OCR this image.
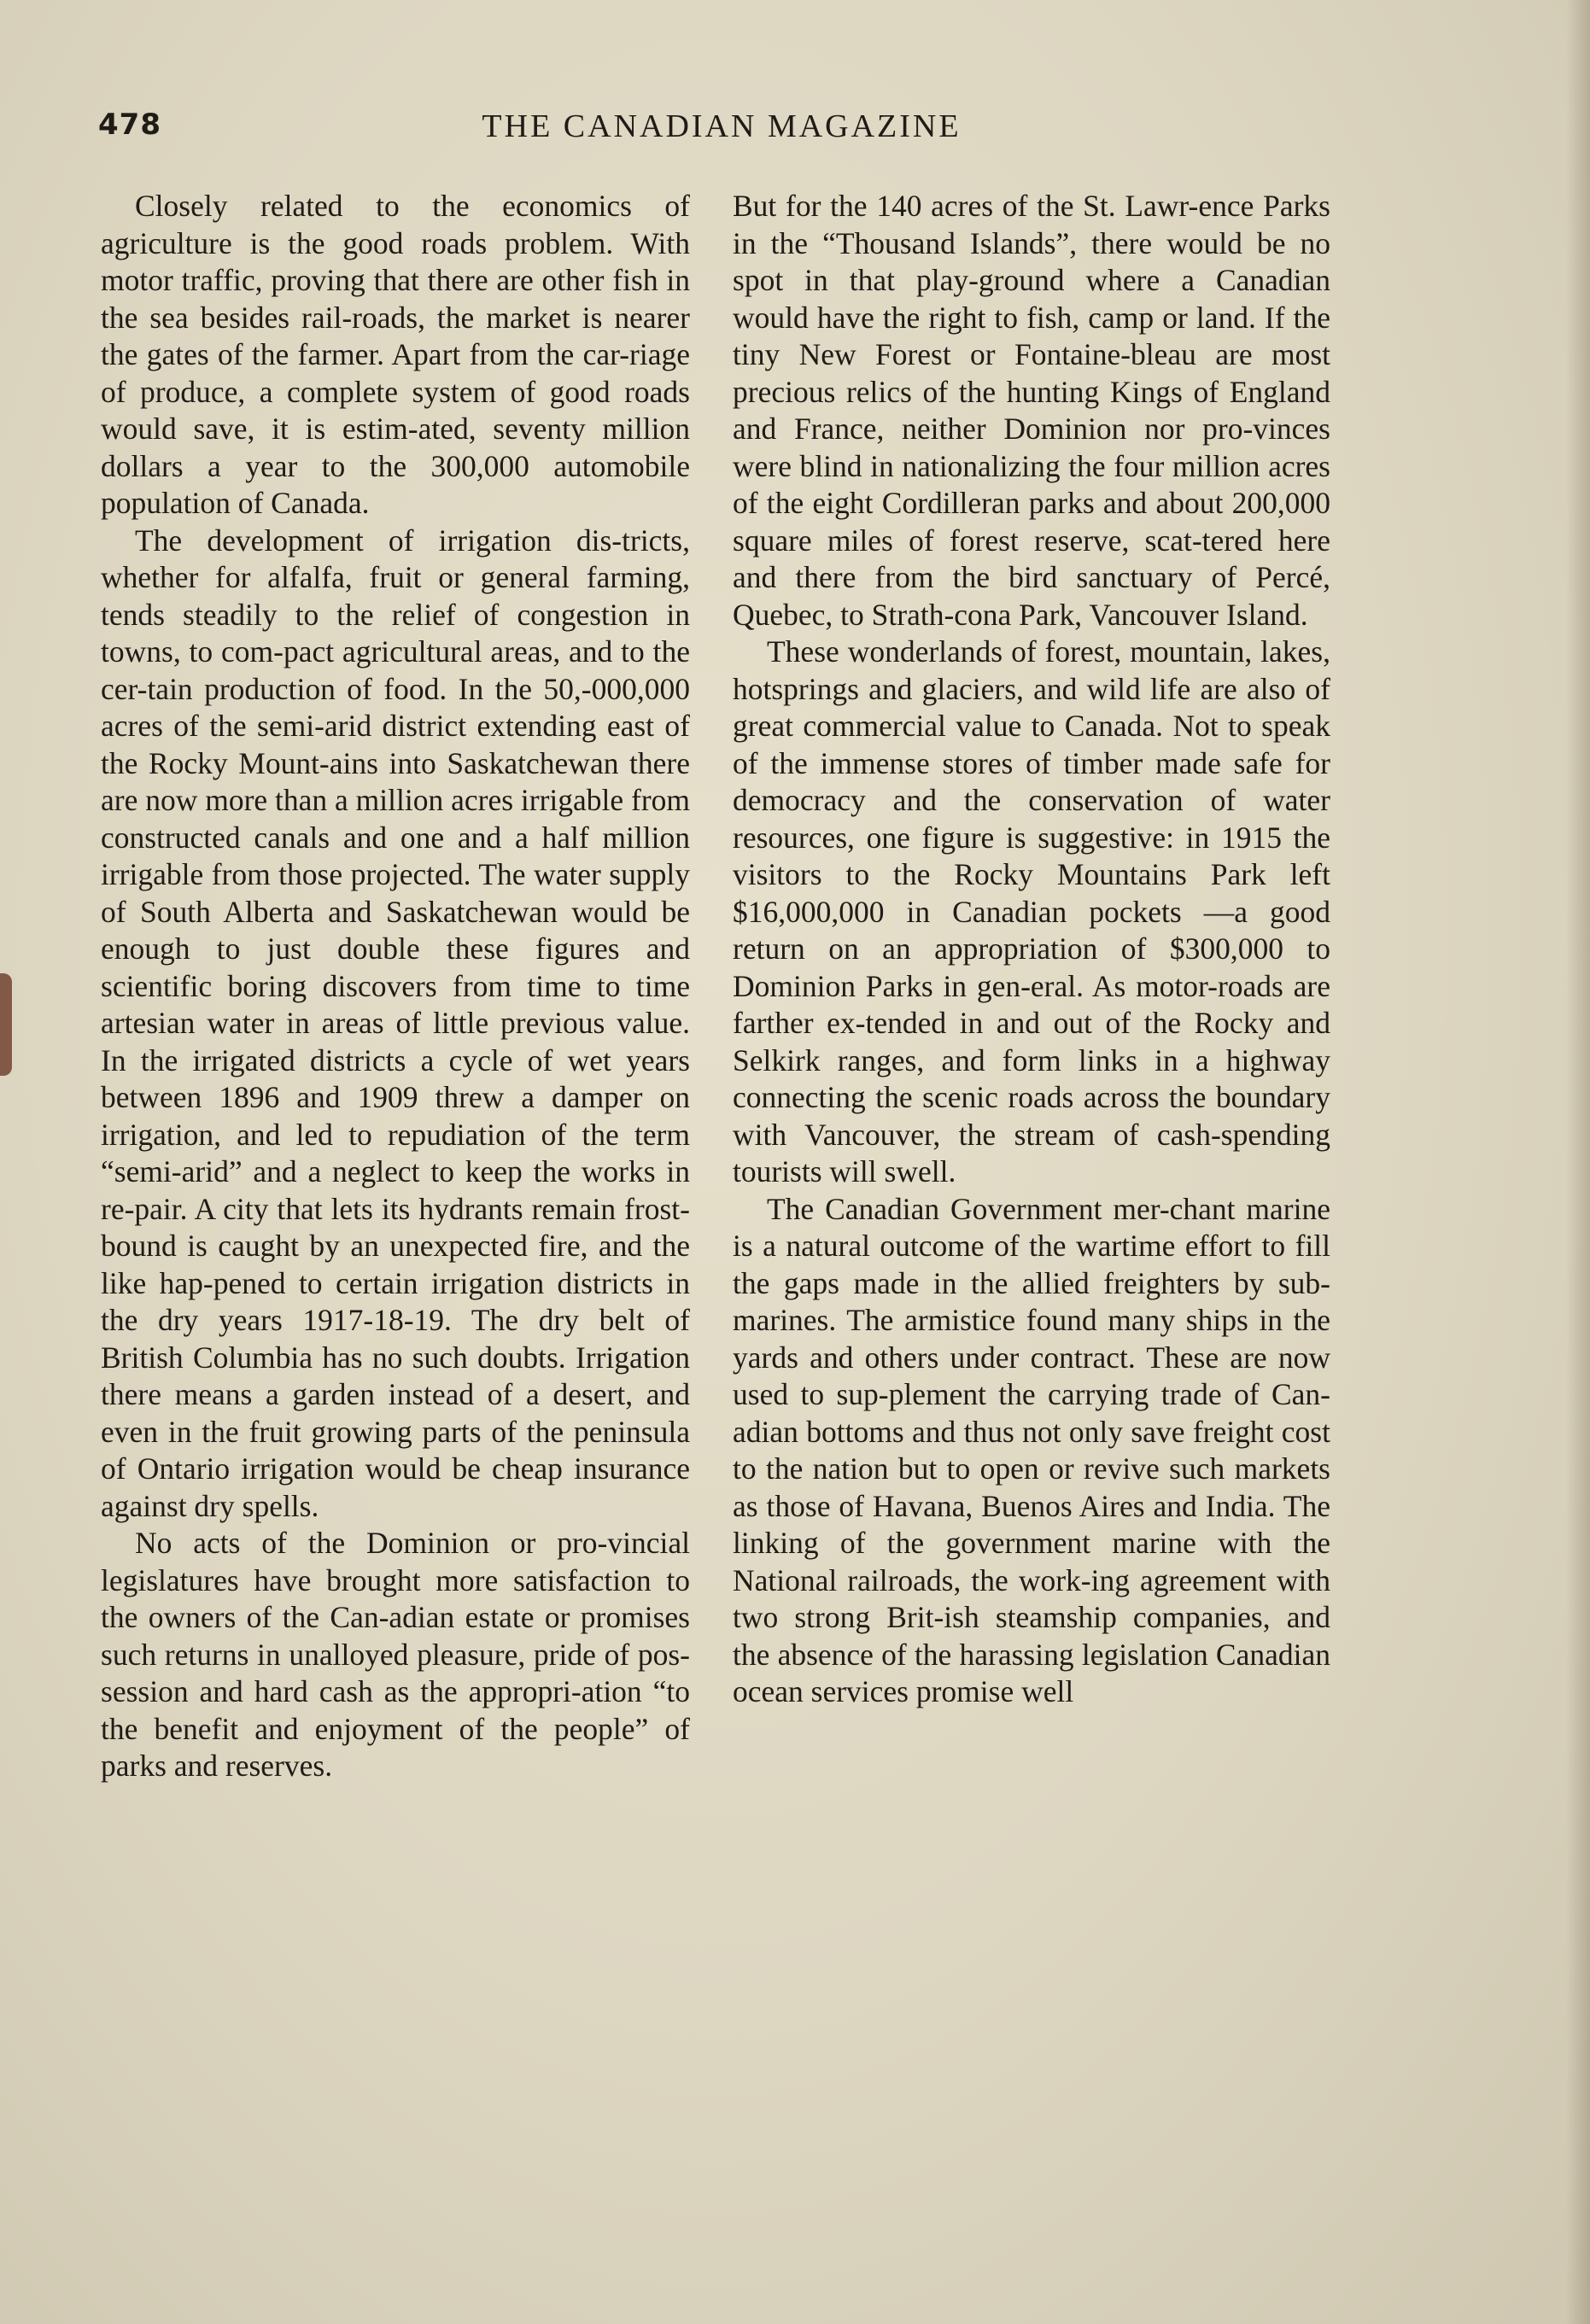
478	THE CANADIAN MAGAZINE

Closely related to the economics of agriculture is the good roads problem. With motor traffic, proving that there are other fish in the sea besides rail-roads, the market is nearer the gates of the farmer. Apart from the car-riage of produce, a complete system of good roads would save, it is estim-ated, seventy million dollars a year to the 300,000 automobile population of Canada.

The development of irrigation dis-tricts, whether for alfalfa, fruit or general farming, tends steadily to the relief of congestion in towns, to com-pact agricultural areas, and to the cer-tain production of food. In the 50,-000,000 acres of the semi-arid district extending east of the Rocky Mount-ains into Saskatchewan there are now more than a million acres irrigable from constructed canals and one and a half million irrigable from those projected. The water supply of South Alberta and Saskatchewan would be enough to just double these figures and scientific boring discovers from time to time artesian water in areas of little previous value. In the irrigated districts a cycle of wet years between 1896 and 1909 threw a damper on irrigation, and led to repudiation of the term “semi-arid” and a neglect to keep the works in re-pair. A city that lets its hydrants remain frost-bound is caught by an unexpected fire, and the like hap-pened to certain irrigation districts in the dry years 1917-18-19. The dry belt of British Columbia has no such doubts. Irrigation there means a garden instead of a desert, and even in the fruit growing parts of the peninsula of Ontario irrigation would be cheap insurance against dry spells.

No acts of the Dominion or pro-vincial legislatures have brought more satisfaction to the owners of the Can-adian estate or promises such returns in unalloyed pleasure, pride of pos-session and hard cash as the appropri-ation “to the benefit and enjoyment of the people” of parks and reserves.

But for the 140 acres of the St. Lawr-ence Parks in the “Thousand Islands”, there would be no spot in that play-ground where a Canadian would have the right to fish, camp or land. If the tiny New Forest or Fontaine-bleau are most precious relics of the hunting Kings of England and France, neither Dominion nor pro-vinces were blind in nationalizing the four million acres of the eight Cordilleran parks and about 200,000 square miles of forest reserve, scat-tered here and there from the bird sanctuary of Percé, Quebec, to Strath-cona Park, Vancouver Island.

These wonderlands of forest, mountain, lakes, hotsprings and glaciers, and wild life are also of great commercial value to Canada. Not to speak of the immense stores of timber made safe for democracy and the conservation of water resources, one figure is suggestive: in 1915 the visitors to the Rocky Mountains Park left $16,000,000 in Canadian pockets —a good return on an appropriation of $300,000 to Dominion Parks in gen-eral. As motor-roads are farther ex-tended in and out of the Rocky and Selkirk ranges, and form links in a highway connecting the scenic roads across the boundary with Vancouver, the stream of cash-spending tourists will swell.

The Canadian Government mer-chant marine is a natural outcome of the wartime effort to fill the gaps made in the allied freighters by sub-marines. The armistice found many ships in the yards and others under contract. These are now used to sup-plement the carrying trade of Can-adian bottoms and thus not only save freight cost to the nation but to open or revive such markets as those of Havana, Buenos Aires and India. The linking of the government marine with the National railroads, the work-ing agreement with two strong Brit-ish steamship companies, and the absence of the harassing legislation Canadian ocean services promise well
